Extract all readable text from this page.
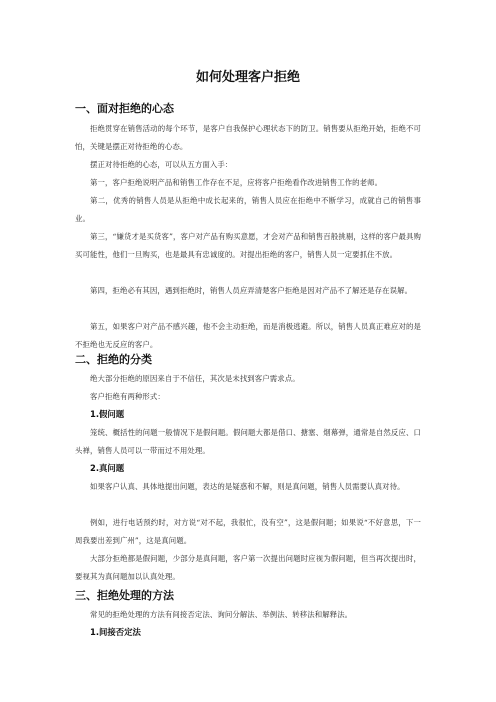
如何处理客户拒绝
一、面对拒绝的心态

拒绝贯穿在销售活动的每个环节，是客户自我保护心理状态下的防卫。销售要从拒绝开始，拒绝不可怕，关键是摆正对待拒绝的心态。

摆正对待拒绝的心态，可以从五方面入手：

第一，客户拒绝说明产品和销售工作存在不足，应将客户拒绝看作改进销售工作的老师。

第二，优秀的销售人员是从拒绝中成长起来的，销售人员应在拒绝中不断学习，成就自己的销售事业。

第三，“嫌货才是买货客”，客户对产品有购买意愿，才会对产品和销售百般挑剔，这样的客户最具购买可能性，他们一旦购买，也是最具有忠诚度的。对提出拒绝的客户，销售人员一定要抓住不放。

第四，拒绝必有其因，遇到拒绝时，销售人员应弄清楚客户拒绝是因对产品不了解还是存在误解。

第五，如果客户对产品不感兴趣，他不会主动拒绝，而是消极逃避。所以，销售人员真正难应对的是不拒绝也无反应的客户。

二、拒绝的分类

绝大部分拒绝的原因来自于不信任，其次是未找到客户需求点。

客户拒绝有两种形式：

1.假问题

笼统、概括性的问题一般情况下是假问题。假问题大都是借口、搪塞、烟幕弹，通常是自然反应、口头禅，销售人员可以一带而过不用处理。

2.真问题

如果客户认真、具体地提出问题，表达的是疑惑和不解，则是真问题，销售人员需要认真对待。

例如，进行电话预约时，对方说“对不起，我很忙，没有空”，这是假问题；如果说“不好意思，下一周我要出差到广州”，这是真问题。

大部分拒绝都是假问题，少部分是真问题，客户第一次提出问题时应视为假问题，但当再次提出时，要视其为真问题加以认真处理。

三、拒绝处理的方法

常见的拒绝处理的方法有间接否定法、询问分解法、举例法、转移法和解释法。

1.间接否定法
